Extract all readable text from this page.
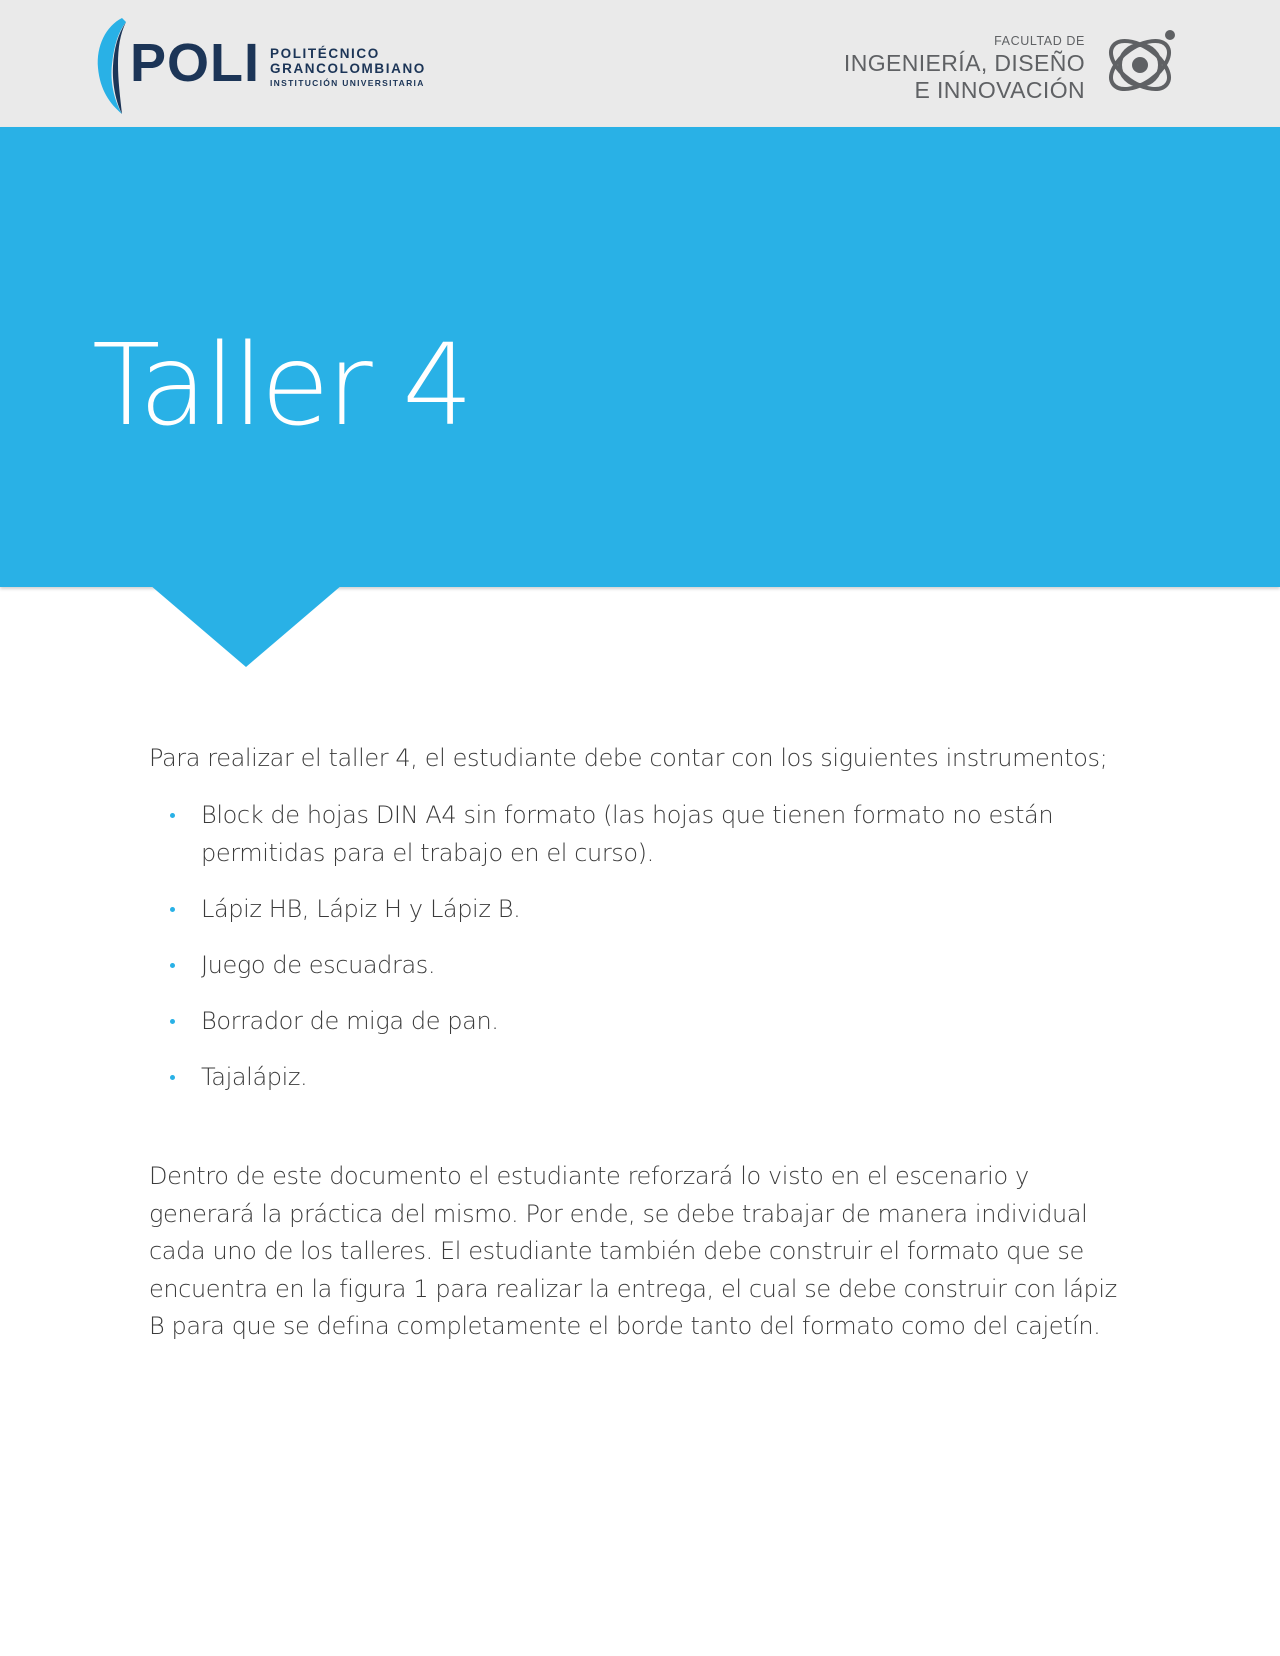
POLI POLITÉCNICO
GRANCOLOMBIANO
INSTITUCIÓN UNIVERSITARIA
FACULTAD DE
INGENIERÍA, DISEÑO
E INNOVACIÓN
Taller 4

Para realizar el taller 4, el estudiante debe contar con los siguientes instrumentos;

Block de hojas DIN A4 sin formato (las hojas que tienen formato no están permitidas para el trabajo en el curso).
Lápiz HB, Lápiz H y Lápiz B.
Juego de escuadras.
Borrador de miga de pan.
Tajalápiz.

Dentro de este documento el estudiante reforzará lo visto en el escenario y generará la práctica del mismo. Por ende, se debe trabajar de manera individual cada uno de los talleres. El estudiante también debe construir el formato que se encuentra en la figura 1 para realizar la entrega, el cual se debe construir con lápiz B para que se defina completamente el borde tanto del formato como del cajetín.
